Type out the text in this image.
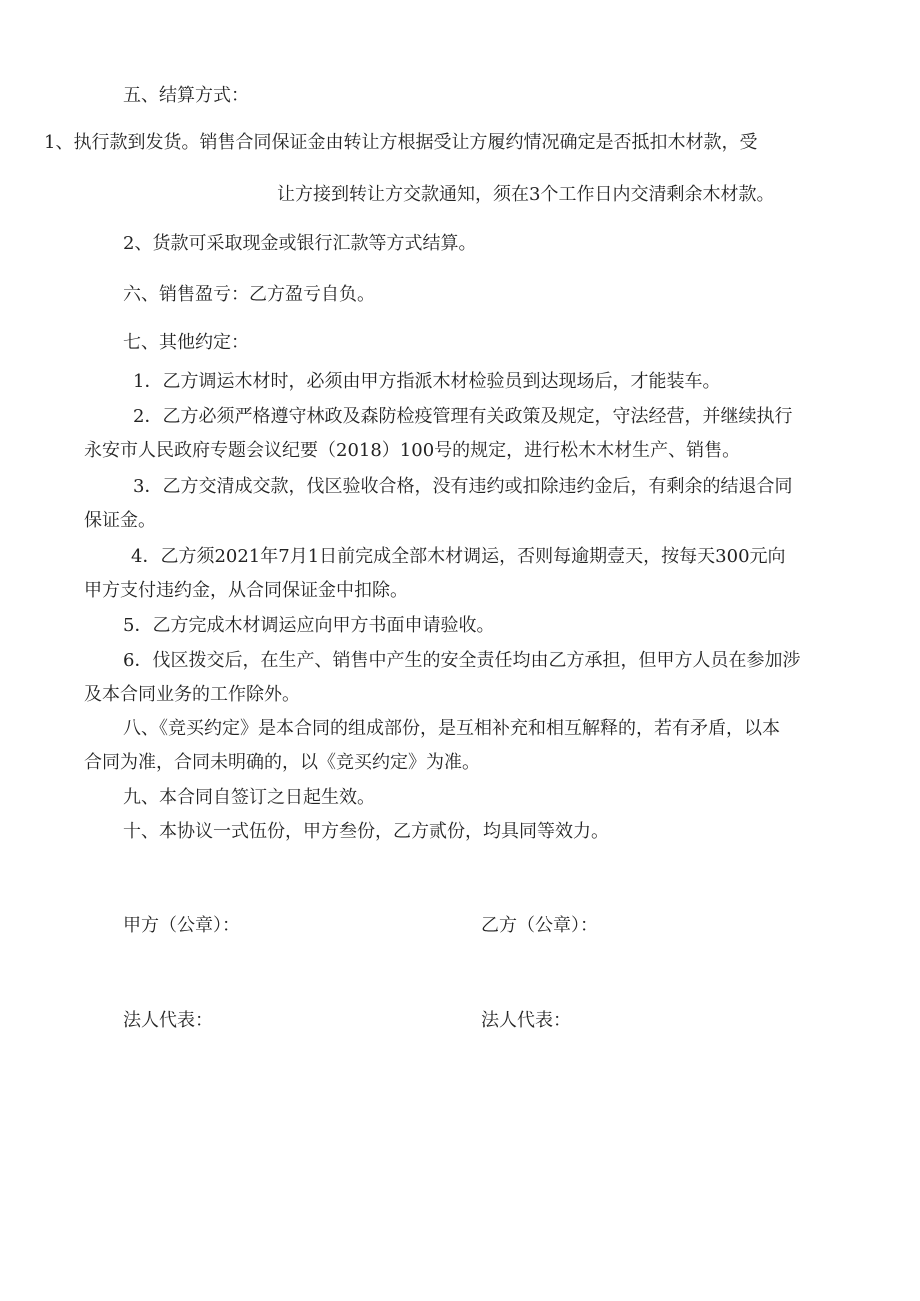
五、结算方式：
1、执行款到发货。销售合同保证金由转让方根据受让方履约情况确定是否抵扣木材款，受
让方接到转让方交款通知，须在3个工作日内交清剩余木材款。
2、货款可采取现金或银行汇款等方式结算。
六、销售盈亏：乙方盈亏自负。
七、其他约定：
1．乙方调运木材时，必须由甲方指派木材检验员到达现场后，才能装车。
2．乙方必须严格遵守林政及森防检疫管理有关政策及规定，守法经营，并继续执行
永安市人民政府专题会议纪要（2018）100号的规定，进行松木木材生产、销售。
3．乙方交清成交款，伐区验收合格，没有违约或扣除违约金后，有剩余的结退合同
保证金。
4．乙方须2021年7月1日前完成全部木材调运，否则每逾期壹天，按每天300元向
甲方支付违约金，从合同保证金中扣除。
5．乙方完成木材调运应向甲方书面申请验收。
6．伐区拨交后，在生产、销售中产生的安全责任均由乙方承担，但甲方人员在参加涉
及本合同业务的工作除外。
八、《竞买约定》是本合同的组成部份，是互相补充和相互解释的，若有矛盾，以本
合同为准，合同未明确的，以《竞买约定》为准。
九、本合同自签订之日起生效。
十、本协议一式伍份，甲方叁份，乙方贰份，均具同等效力。
甲方（公章）：	乙方（公章）：
法人代表：	法人代表：
